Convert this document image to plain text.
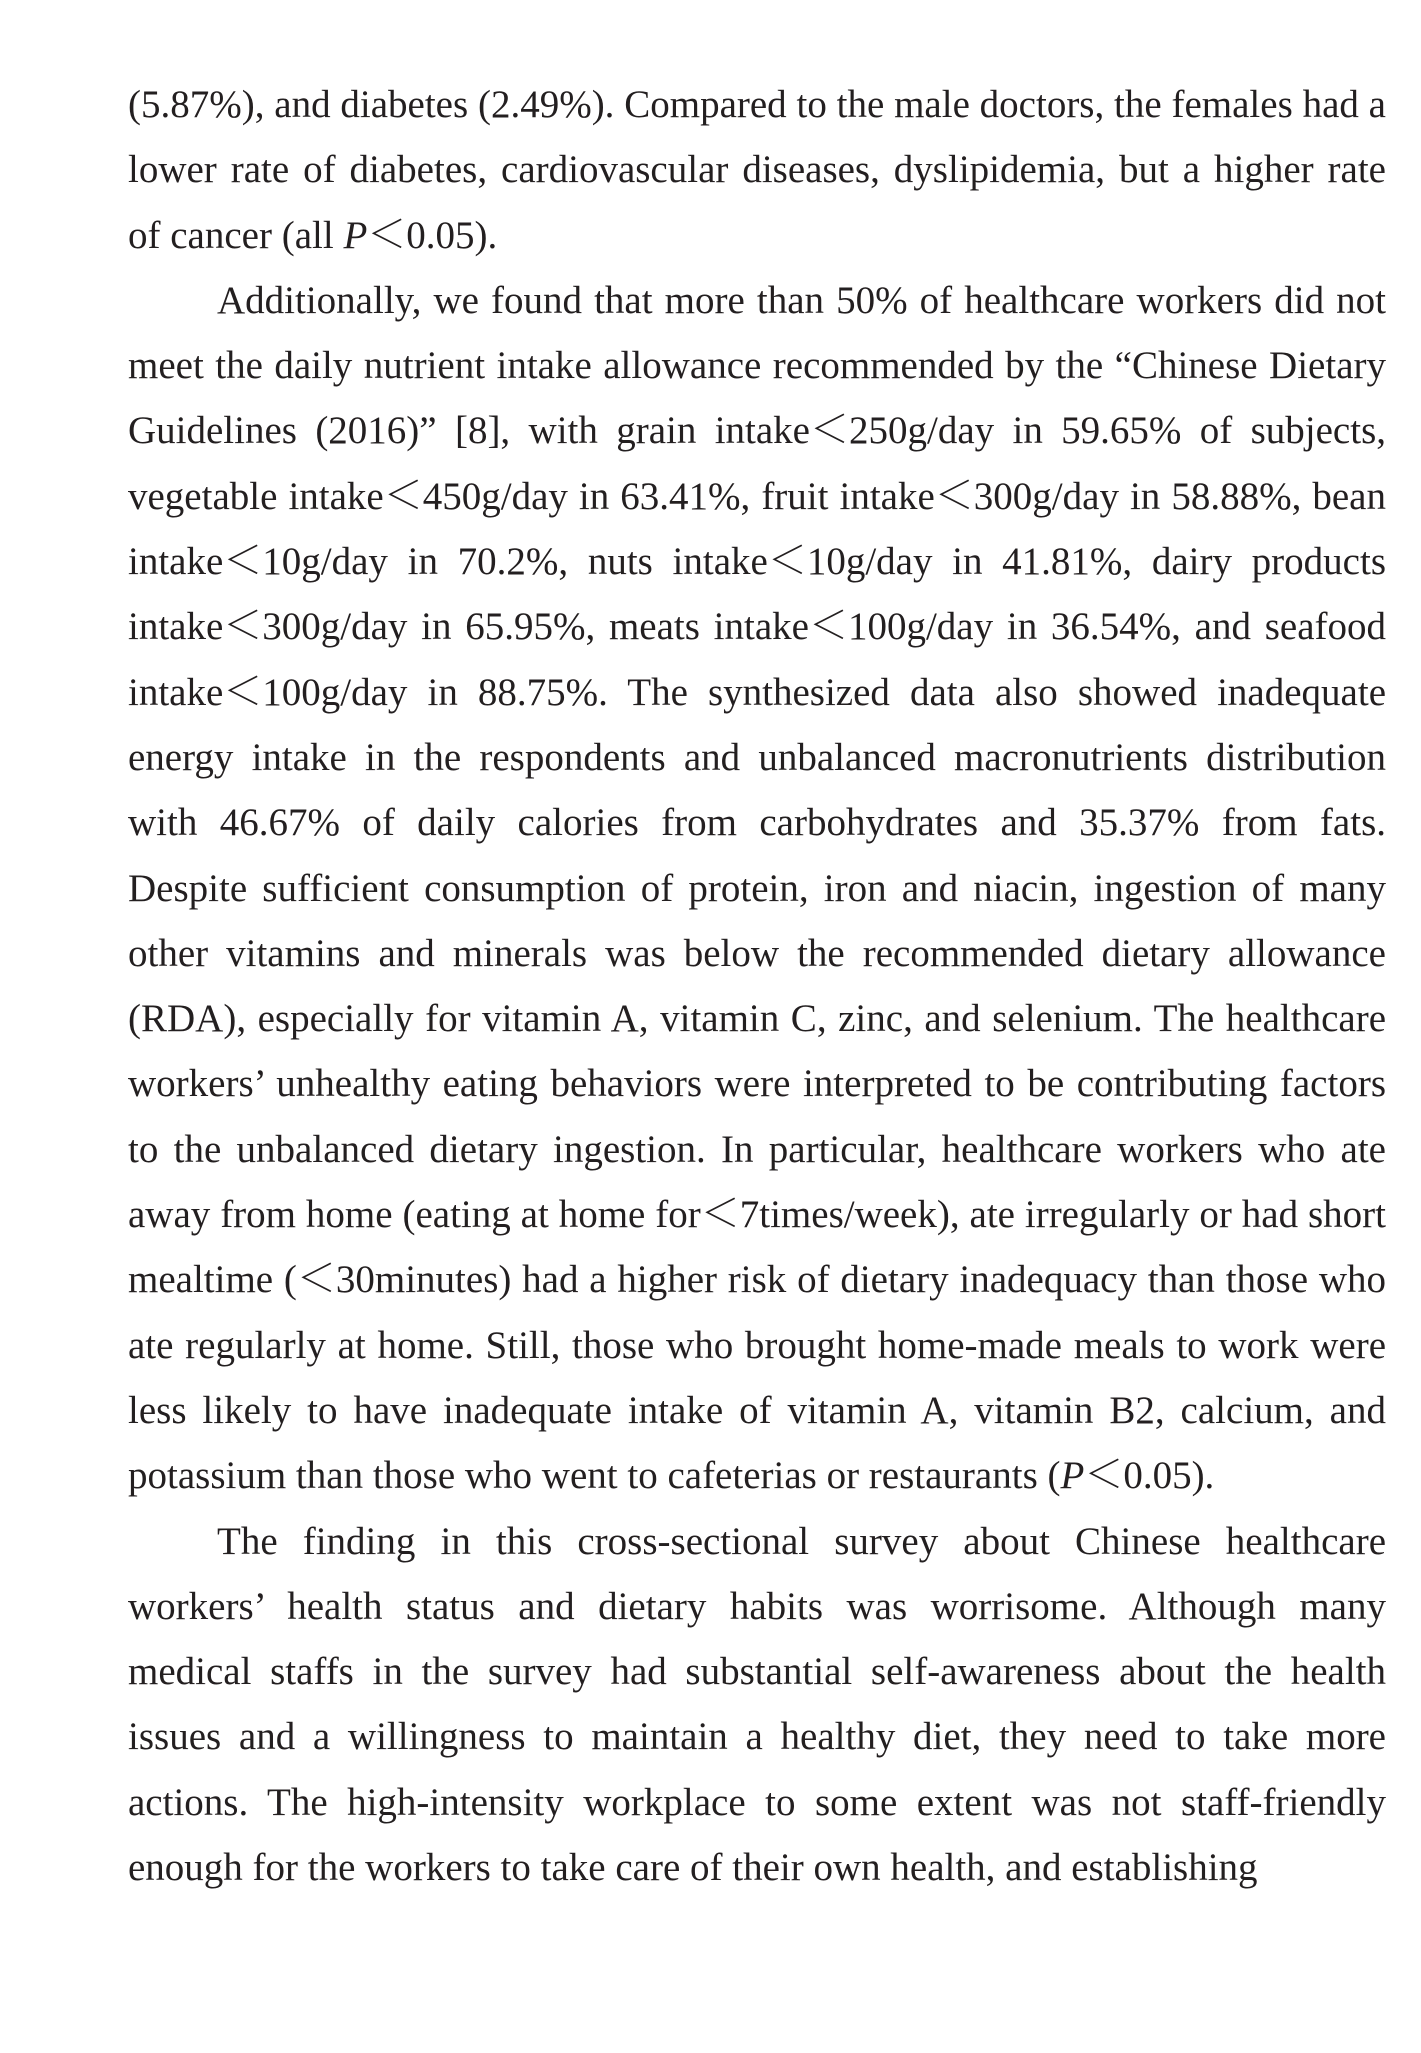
(5.87%), and diabetes (2.49%). Compared to the male doctors, the females had a lower rate of diabetes, cardiovascular diseases, dyslipidemia, but a higher rate of cancer (all P＜0.05).

Additionally, we found that more than 50% of healthcare workers did not meet the daily nutrient intake allowance recommended by the “Chinese Dietary Guidelines (2016)” [8], with grain intake＜250g/day in 59.65% of subjects, vegetable intake＜450g/day in 63.41%, fruit intake＜300g/day in 58.88%, bean intake＜10g/day in 70.2%, nuts intake＜10g/day in 41.81%, dairy products intake＜300g/day in 65.95%, meats intake＜100g/day in 36.54%, and seafood intake＜100g/day in 88.75%. The synthesized data also showed inadequate energy intake in the respondents and unbalanced macronutrients distribution with 46.67% of daily calories from carbohydrates and 35.37% from fats. Despite sufficient consumption of protein, iron and niacin, ingestion of many other vitamins and minerals was below the recommended dietary allowance (RDA), especially for vitamin A, vitamin C, zinc, and selenium. The healthcare workers’ unhealthy eating behaviors were interpreted to be contributing factors to the unbalanced dietary ingestion. In particular, healthcare workers who ate away from home (eating at home for＜7times/week), ate irregularly or had short mealtime (＜30minutes) had a higher risk of dietary inadequacy than those who ate regularly at home. Still, those who brought home-made meals to work were less likely to have inadequate intake of vitamin A, vitamin B2, calcium, and potassium than those who went to cafeterias or restaurants (P＜0.05).

The finding in this cross-sectional survey about Chinese healthcare workers’ health status and dietary habits was worrisome. Although many medical staffs in the survey had substantial self-awareness about the health issues and a willingness to maintain a healthy diet, they need to take more actions. The high-intensity workplace to some extent was not staff-friendly enough for the workers to take care of their own health, and establishing
